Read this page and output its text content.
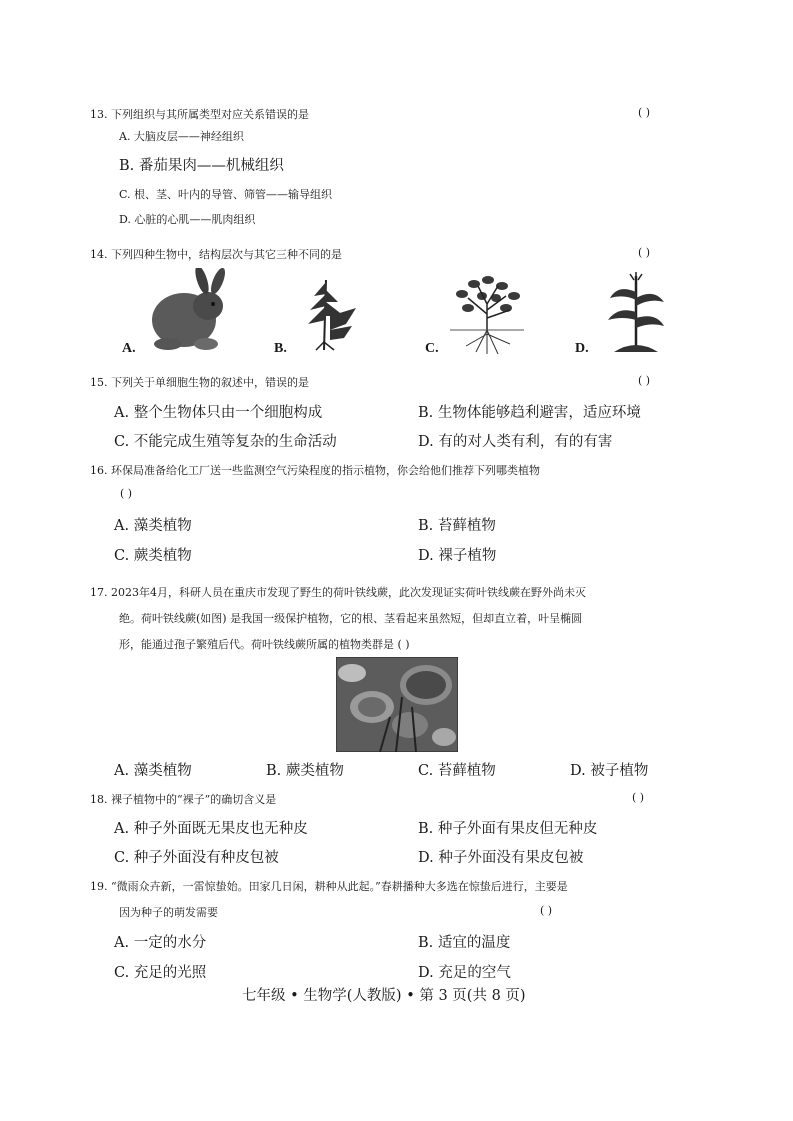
13. 下列组织与其所属类型对应关系错误的是	( )
A. 大脑皮层——神经组织
B. 番茄果肉——机械组织
C. 根、茎、叶内的导管、筛管——输导组织
D. 心脏的心肌——肌肉组织
14. 下列四种生物中，结构层次与其它三种不同的是	( )
A.	B.	C.	D.
15. 下列关于单细胞生物的叙述中，错误的是	( )
A. 整个生物体只由一个细胞构成	B. 生物体能够趋利避害，适应环境
C. 不能完成生殖等复杂的生命活动	D. 有的对人类有利，有的有害
16. 环保局准备给化工厂送一些监测空气污染程度的指示植物，你会给他们推荐下列哪类植物
( )
A. 藻类植物	B. 苔藓植物
C. 蕨类植物	D. 裸子植物
17. 2023年4月，科研人员在重庆市发现了野生的荷叶铁线蕨，此次发现证实荷叶铁线蕨在野外尚未灭
绝。荷叶铁线蕨(如图) 是我国一级保护植物，它的根、茎看起来虽然短，但却直立着，叶呈椭圆
形，能通过孢子繁殖后代。荷叶铁线蕨所属的植物类群是 ( )
A. 藻类植物	B. 蕨类植物	C. 苔藓植物	D. 被子植物
18. 裸子植物中的“裸子”的确切含义是	( )
A. 种子外面既无果皮也无种皮	B. 种子外面有果皮但无种皮
C. 种子外面没有种皮包被	D. 种子外面没有果皮包被
19. “微雨众卉新，一雷惊蛰始。田家几日闲，耕种从此起。”春耕播种大多选在惊蛰后进行，主要是
因为种子的萌发需要	( )
A. 一定的水分	B. 适宜的温度
C. 充足的光照	D. 充足的空气
七年级 • 生物学(人教版) • 第 3 页(共 8 页)
